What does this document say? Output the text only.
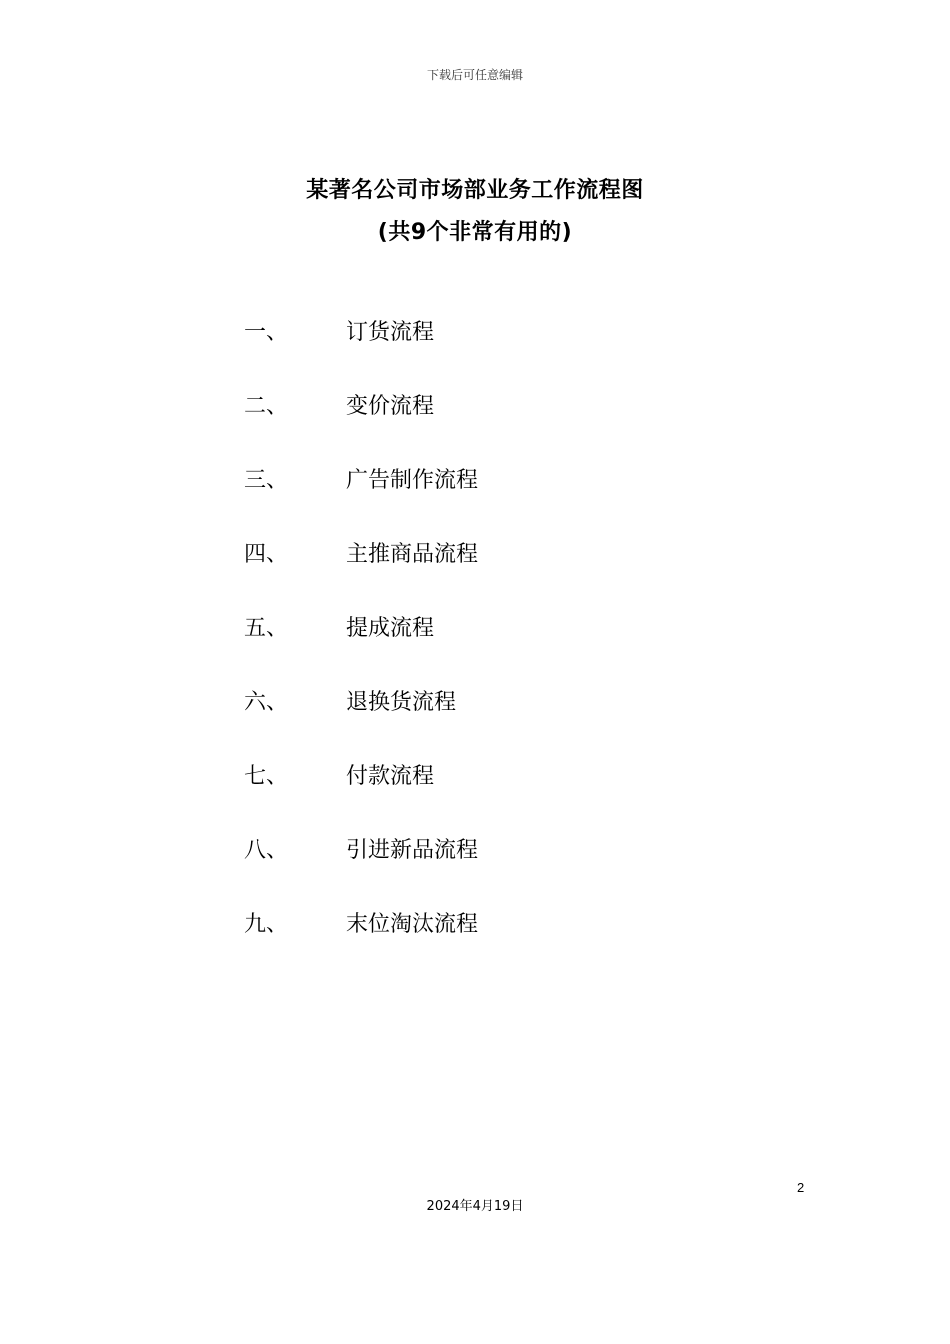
下载后可任意编辑
某著名公司市场部业务工作流程图
(共9个非常有用的)
一、	订货流程
二、	变价流程
三、	广告制作流程
四、	主推商品流程
五、	提成流程
六、	退换货流程
七、	付款流程
八、	引进新品流程
九、	末位淘汰流程
2
2024年4月19日
